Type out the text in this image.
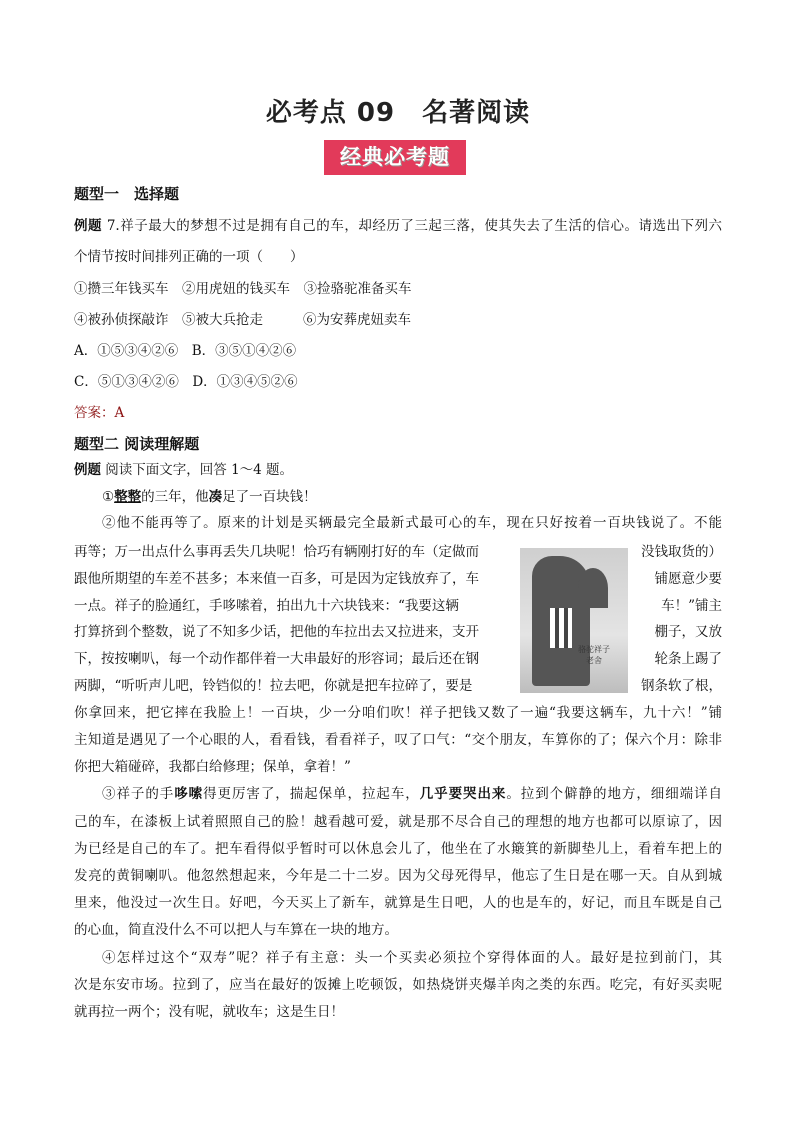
必考点 09　名著阅读
经典必考题
题型一　选择题
例题 7.祥子最大的梦想不过是拥有自己的车，却经历了三起三落，使其失去了生活的信心。请选出下列六
个情节按时间排列正确的一项（　　）
①攒三年钱买车　 ②用虎妞的钱买车　 ③捡骆驼准备买车
④被孙侦探敲诈　 ⑤被大兵抢走	⑥为安葬虎妞卖车
A．①⑤③④②⑥　 B．③⑤①④②⑥
C．⑤①③④②⑥　 D．①③④⑤②⑥
答案：A
题型二 阅读理解题
例题 阅读下面文字，回答 1～4 题。
①整整的三年，他凑足了一百块钱！
②他不能再等了。原来的计划是买辆最完全最新式最可心的车，现在只好按着一百块钱说了。不能
再等；万一出点什么事再丢失几块呢！恰巧有辆刚打好的车（定做而	没钱取货的）
跟他所期望的车差不甚多；本来值一百多，可是因为定钱放弃了，车	铺愿意少要
一点。祥子的脸通红，手哆嗦着，拍出九十六块钱来：“我要这辆	车！”铺主
打算挤到个整数，说了不知多少话，把他的车拉出去又拉进来，支开	棚子，又放
下，按按喇叭，每一个动作都伴着一大串最好的形容词；最后还在钢	轮条上踢了
两脚，“听听声儿吧，铃铛似的！拉去吧，你就是把车拉碎了，要是	钢条软了根，
骆驼祥子
老舍
你拿回来，把它摔在我脸上！一百块，少一分咱们吹！祥子把钱又数了一遍“我要这辆车，九十六！”铺
主知道是遇见了一个心眼的人，看看钱，看看祥子，叹了口气：“交个朋友，车算你的了；保六个月：除非
你把大箱碰碎，我都白给修理；保单，拿着！”
③祥子的手哆嗦得更厉害了，揣起保单，拉起车，几乎要哭出来。拉到个僻静的地方，细细端详自
己的车，在漆板上试着照照自己的脸！越看越可爱，就是那不尽合自己的理想的地方也都可以原谅了，因
为已经是自己的车了。把车看得似乎暂时可以休息会儿了，他坐在了水簸箕的新脚垫儿上，看着车把上的
发亮的黄铜喇叭。他忽然想起来，今年是二十二岁。因为父母死得早，他忘了生日是在哪一天。自从到城
里来，他没过一次生日。好吧，今天买上了新车，就算是生日吧，人的也是车的，好记，而且车既是自己
的心血，简直没什么不可以把人与车算在一块的地方。
④怎样过这个“双寿”呢？祥子有主意：头一个买卖必须拉个穿得体面的人。最好是拉到前门，其
次是东安市场。拉到了，应当在最好的饭摊上吃顿饭，如热烧饼夹爆羊肉之类的东西。吃完，有好买卖呢
就再拉一两个；没有呢，就收车；这是生日！
